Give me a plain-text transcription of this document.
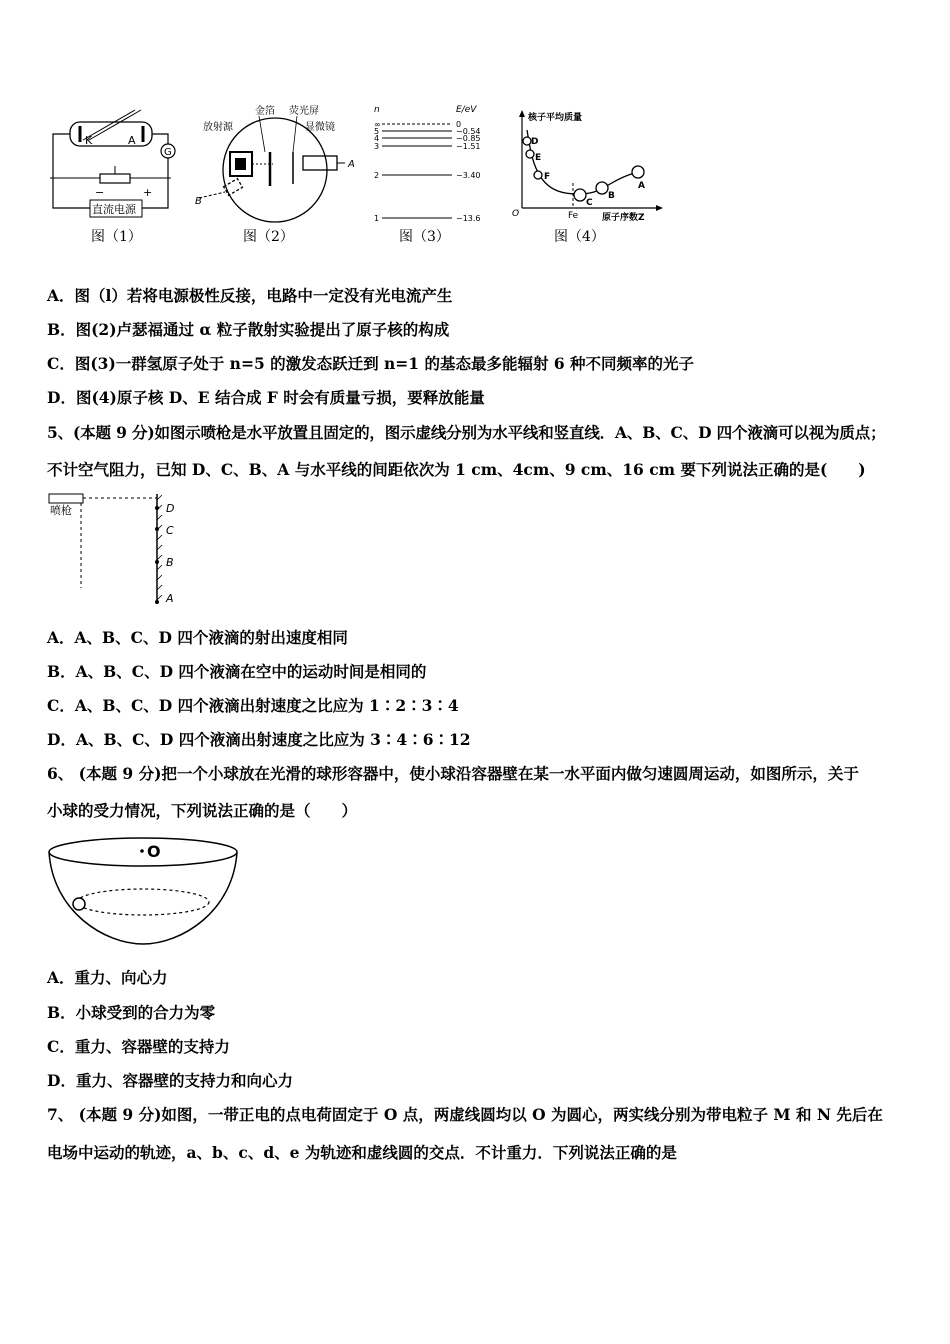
K	A
G
−	+
直流电源
金箔 荧光屏
放射源	显微镜
A
B
n	E/eV
∞	0
5	−0.54
4	−0.85
3	−1.51
2	−3.40
1	−13.6
核子平均质量
原子序数Z
O	Fe
D
E
F
C
B
A
图（1）	图（2）	图（3）	图（4）
A．图（l）若将电源极性反接，电路中一定没有光电流产生
B．图(2)卢瑟福通过 α 粒子散射实验提出了原子核的构成
C．图(3)一群氢原子处于 n=5 的激发态跃迁到 n=1 的基态最多能辐射 6 种不同频率的光子
D．图(4)原子核 D、E 结合成 F 时会有质量亏损，要释放能量
5、(本题 9 分)如图示喷枪是水平放置且固定的，图示虚线分别为水平线和竖直线．A、B、C、D 四个液滴可以视为质点；
不计空气阻力，已知 D、C、B、A 与水平线的间距依次为 1 cm、4cm、9 cm、16 cm 要下列说法正确的是(　　)
喷枪	D
C
B
A
A．A、B、C、D 四个液滴的射出速度相同
B．A、B、C、D 四个液滴在空中的运动时间是相同的
C．A、B、C、D 四个液滴出射速度之比应为 1∶2∶3∶4
D．A、B、C、D 四个液滴出射速度之比应为 3∶4∶6∶12
6、 (本题 9 分)把一个小球放在光滑的球形容器中，使小球沿容器壁在某一水平面内做匀速圆周运动，如图所示，关于
小球的受力情况，下列说法正确的是（　　）
O
A．重力、向心力
B．小球受到的合力为零
C．重力、容器壁的支持力
D．重力、容器壁的支持力和向心力
7、 (本题 9 分)如图，一带正电的点电荷固定于 O 点，两虚线圆均以 O 为圆心，两实线分别为带电粒子 M 和 N 先后在
电场中运动的轨迹，a、b、c、d、e 为轨迹和虚线圆的交点．不计重力．下列说法正确的是
